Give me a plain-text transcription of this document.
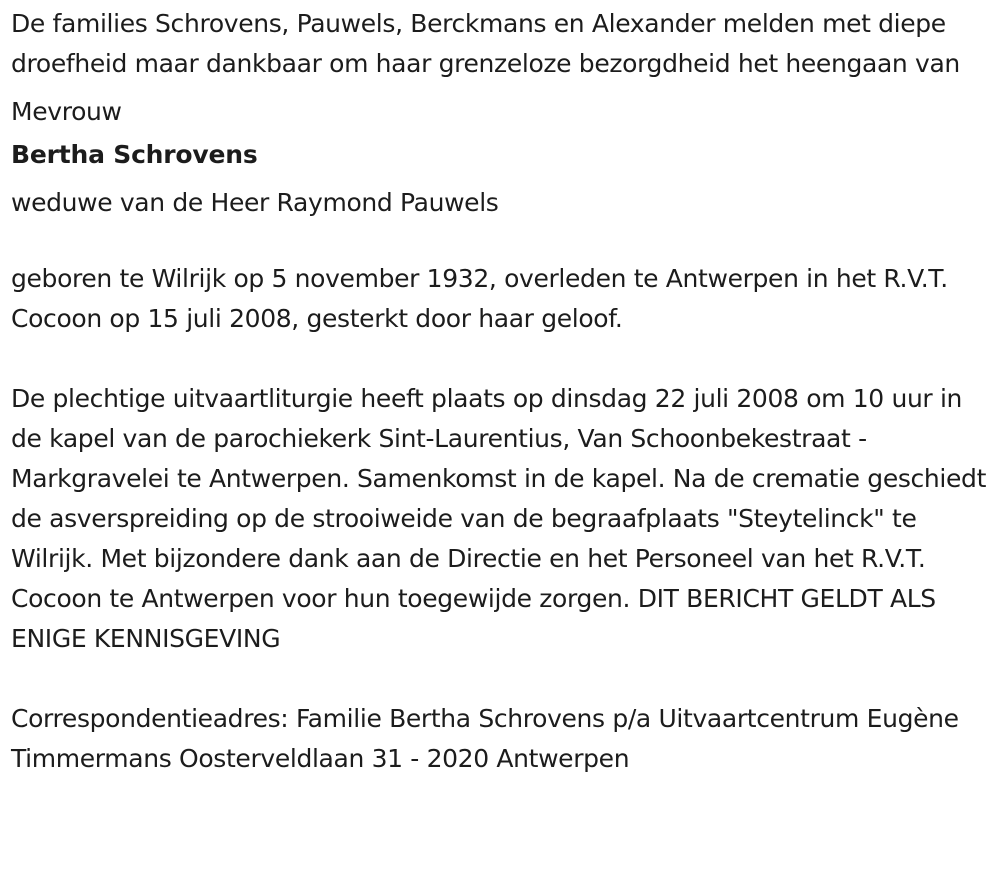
De families Schrovens, Pauwels, Berckmans en Alexander melden met diepe droefheid maar dankbaar om haar grenzeloze bezorgdheid het heengaan van

Mevrouw

Bertha Schrovens

weduwe van de Heer Raymond Pauwels

geboren te Wilrijk op 5 november 1932, overleden te Antwerpen in het R.V.T. Cocoon op 15 juli 2008, gesterkt door haar geloof.

De plechtige uitvaartliturgie heeft plaats op dinsdag 22 juli 2008 om 10 uur in de kapel van de parochiekerk Sint-Laurentius, Van Schoonbekestraat - Markgravelei te Antwerpen. Samenkomst in de kapel. Na de crematie geschiedt de asverspreiding op de strooiweide van de begraafplaats "Steytelinck" te Wilrijk. Met bijzondere dank aan de Directie en het Personeel van het R.V.T. Cocoon te Antwerpen voor hun toegewijde zorgen. DIT BERICHT GELDT ALS ENIGE KENNISGEVING

Correspondentieadres: Familie Bertha Schrovens p/a Uitvaartcentrum Eugène Timmermans Oosterveldlaan 31 - 2020 Antwerpen
